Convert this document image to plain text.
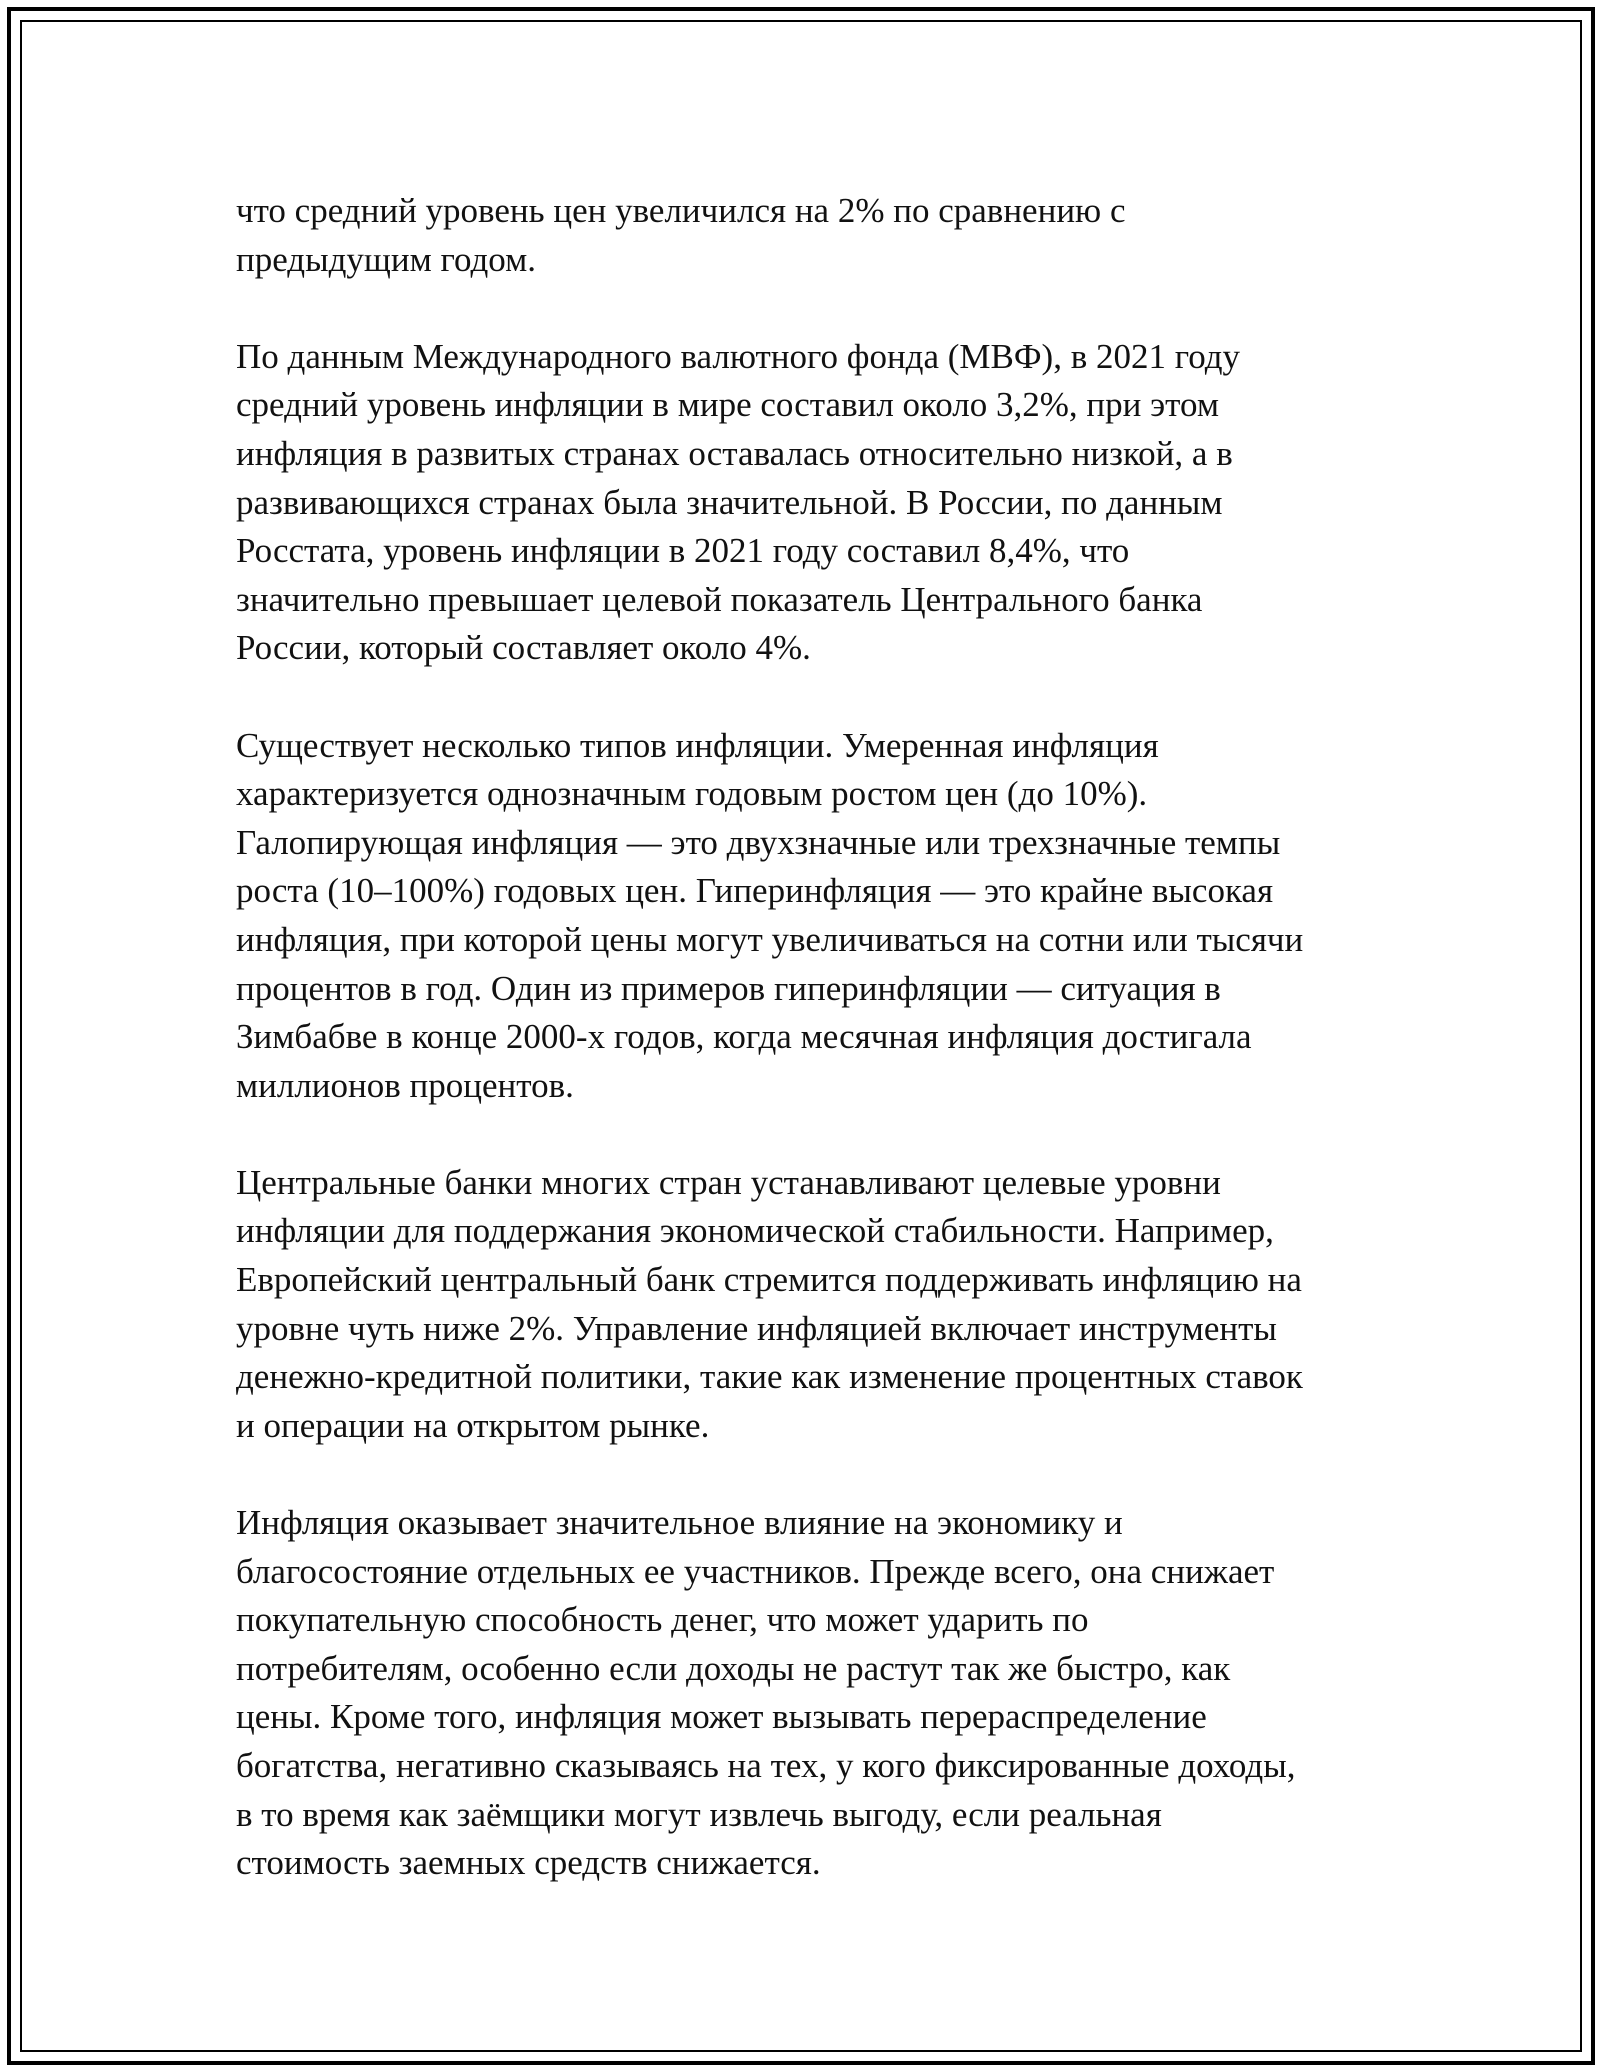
что средний уровень цен увеличился на 2% по сравнению с
предыдущим годом.

По данным Международного валютного фонда (МВФ), в 2021 году
средний уровень инфляции в мире составил около 3,2%, при этом
инфляция в развитых странах оставалась относительно низкой, а в
развивающихся странах была значительной. В России, по данным
Росстата, уровень инфляции в 2021 году составил 8,4%, что
значительно превышает целевой показатель Центрального банка
России, который составляет около 4%.

Существует несколько типов инфляции. Умеренная инфляция
характеризуется однозначным годовым ростом цен (до 10%).
Галопирующая инфляция — это двухзначные или трехзначные темпы
роста (10–100%) годовых цен. Гиперинфляция — это крайне высокая
инфляция, при которой цены могут увеличиваться на сотни или тысячи
процентов в год. Один из примеров гиперинфляции — ситуация в
Зимбабве в конце 2000-х годов, когда месячная инфляция достигала
миллионов процентов.

Центральные банки многих стран устанавливают целевые уровни
инфляции для поддержания экономической стабильности. Например,
Европейский центральный банк стремится поддерживать инфляцию на
уровне чуть ниже 2%. Управление инфляцией включает инструменты
денежно-кредитной политики, такие как изменение процентных ставок
и операции на открытом рынке.

Инфляция оказывает значительное влияние на экономику и
благосостояние отдельных ее участников. Прежде всего, она снижает
покупательную способность денег, что может ударить по
потребителям, особенно если доходы не растут так же быстро, как
цены. Кроме того, инфляция может вызывать перераспределение
богатства, негативно сказываясь на тех, у кого фиксированные доходы,
в то время как заёмщики могут извлечь выгоду, если реальная
стоимость заемных средств снижается.
